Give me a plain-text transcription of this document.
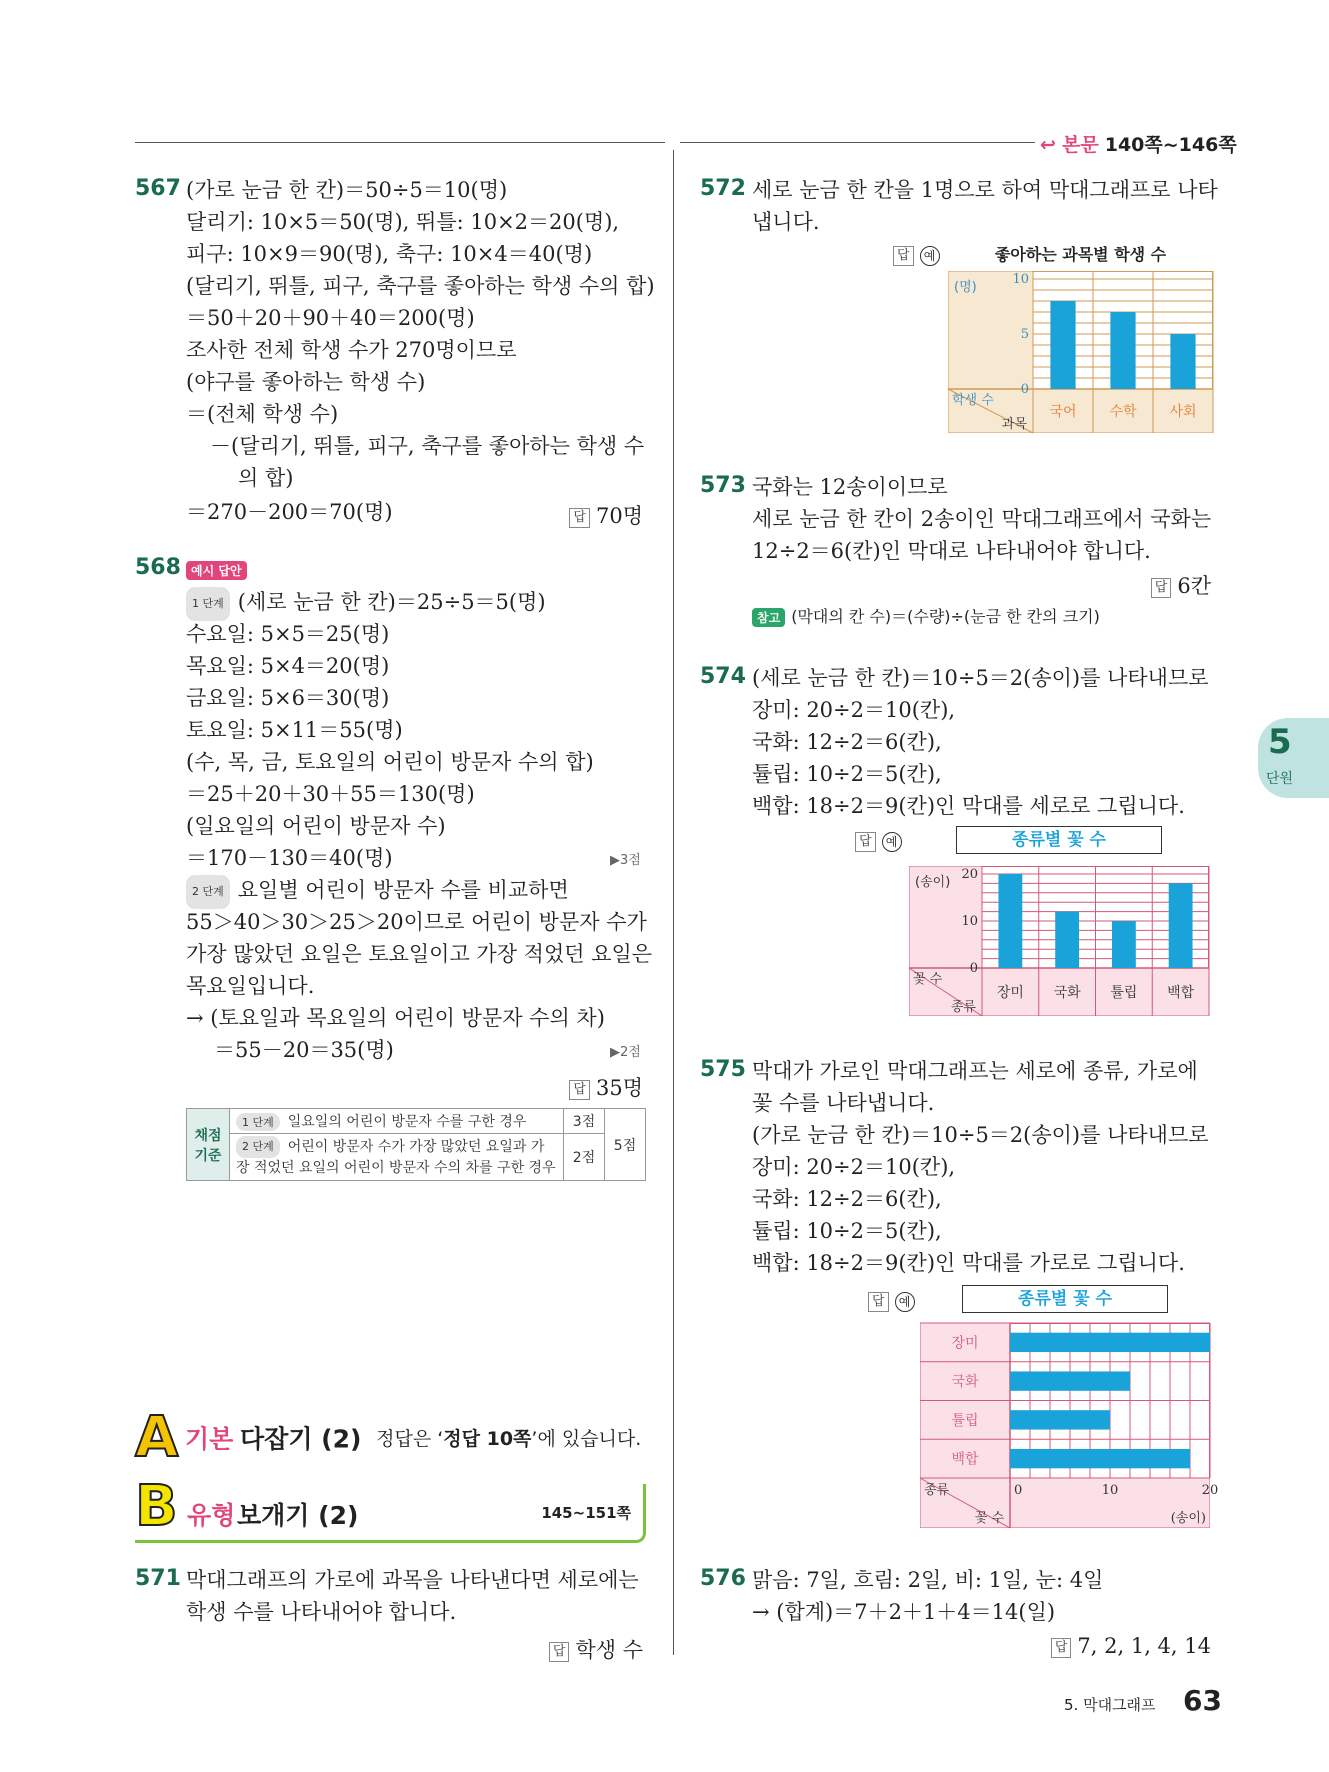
↩ 본문 140쪽~146쪽
5
단원
567 (가로 눈금 한 칸)＝50÷5＝10(명)
달리기: 10×5＝50(명), 뛰틀: 10×2＝20(명),
피구: 10×9＝90(명), 축구: 10×4＝40(명)
(달리기, 뛰틀, 피구, 축구를 좋아하는 학생 수의 합)
＝50＋20＋90＋40＝200(명)
조사한 전체 학생 수가 270명이므로
(야구를 좋아하는 학생 수)
＝(전체 학생 수)
－(달리기, 뛰틀, 피구, 축구를 좋아하는 학생 수
의 합)
＝270－200＝70(명)	답 70명
568 예시 답안
1 단계 (세로 눈금 한 칸)＝25÷5＝5(명)
수요일: 5×5＝25(명)
목요일: 5×4＝20(명)
금요일: 5×6＝30(명)
토요일: 5×11＝55(명)
(수, 목, 금, 토요일의 어린이 방문자 수의 합)
＝25＋20＋30＋55＝130(명)
(일요일의 어린이 방문자 수)
＝170－130＝40(명)	▶3점
2 단계 요일별 어린이 방문자 수를 비교하면
55＞40＞30＞25＞20이므로 어린이 방문자 수가
가장 많았던 요일은 토요일이고 가장 적었던 요일은
목요일입니다.
→ (토요일과 목요일의 어린이 방문자 수의 차)
＝55－20＝35(명)	▶2점
답 35명
채점 기준	1 단계 일요일의 어린이 방문자 수를 구한 경우	3점	5점
	2 단계 어린이 방문자 수가 가장 많았던 요일과 가장 적었던 요일의 어린이 방문자 수의 차를 구한 경우	2점	
A 기본 다잡기 (2) 정답은 ‘정답 10쪽’에 있습니다.
B 유형 보개기 (2)	145~151쪽
571 막대그래프의 가로에 과목을 나타낸다면 세로에는
학생 수를 나타내어야 합니다.
답 학생 수
572 세로 눈금 한 칸을 1명으로 하여 막대그래프로 나타
냅니다.
답 예	좋아하는 과목별 학생 수
국어 수학 사회
0
5
10
(명)
학생 수
과목
573 국화는 12송이이므로
세로 눈금 한 칸이 2송이인 막대그래프에서 국화는
12÷2＝6(칸)인 막대로 나타내어야 합니다.
답 6칸
참고 (막대의 칸 수)＝(수량)÷(눈금 한 칸의 크기)
574 (세로 눈금 한 칸)＝10÷5＝2(송이)를 나타내므로
장미: 20÷2＝10(칸),
국화: 12÷2＝6(칸),
튤립: 10÷2＝5(칸),
백합: 18÷2＝9(칸)인 막대를 세로로 그립니다.
답 예	종류별 꽃 수
장미 국화 튤립 백합
0
10
20
(송이)
꽃 수
종류
575 막대가 가로인 막대그래프는 세로에 종류, 가로에
꽃 수를 나타냅니다.
(가로 눈금 한 칸)＝10÷5＝2(송이)를 나타내므로
장미: 20÷2＝10(칸),
국화: 12÷2＝6(칸),
튤립: 10÷2＝5(칸),
백합: 18÷2＝9(칸)인 막대를 가로로 그립니다.
답 예	종류별 꽃 수
장미
국화
튤립
백합
0	10	20
(송이)
종류
꽃 수
576 맑음: 7일, 흐림: 2일, 비: 1일, 눈: 4일
→ (합계)＝7＋2＋1＋4＝14(일)
답 7, 2, 1, 4, 14
5. 막대그래프 63
